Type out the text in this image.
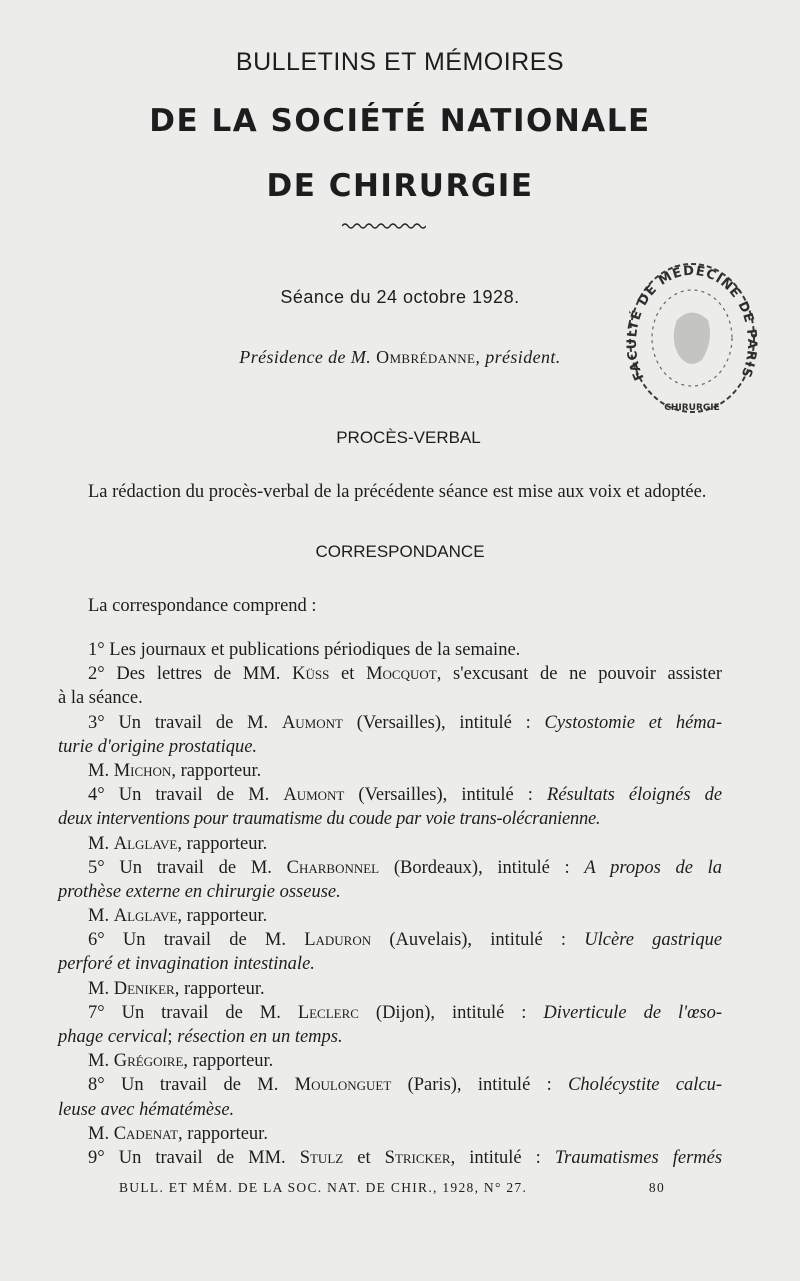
BULLETINS ET MÉMOIRES
DE LA SOCIÉTÉ NATIONALE
DE CHIRURGIE
Séance du 24 octobre 1928.
Présidence de M. Ombrédanne, président.
FACULTÉ DE MÉDECINE DE PARIS
CHIRURGIE
PROCÈS-VERBAL
La rédaction du procès-verbal de la précédente séance est mise aux voix et adoptée.
CORRESPONDANCE
La correspondance comprend :
1° Les journaux et publications périodiques de la semaine.
2° Des lettres de MM. Küss et Mocquot, s'excusant de ne pouvoir assister
à la séance.
3° Un travail de M. Aumont (Versailles), intitulé : Cystostomie et héma-
turie d'origine prostatique.
M. Michon, rapporteur.
4° Un travail de M. Aumont (Versailles), intitulé : Résultats éloignés de
deux interventions pour traumatisme du coude par voie trans-olécranienne.
M. Alglave, rapporteur.
5° Un travail de M. Charbonnel (Bordeaux), intitulé : A propos de la
prothèse externe en chirurgie osseuse.
M. Alglave, rapporteur.
6° Un travail de M. Laduron (Auvelais), intitulé : Ulcère gastrique
perforé et invagination intestinale.
M. Deniker, rapporteur.
7° Un travail de M. Leclerc (Dijon), intitulé : Diverticule de l'œso-
phage cervical; résection en un temps.
M. Grégoire, rapporteur.
8° Un travail de M. Moulonguet (Paris), intitulé : Cholécystite calcu-
leuse avec hématémèse.
M. Cadenat, rapporteur.
9° Un travail de MM. Stulz et Stricker, intitulé : Traumatismes fermés
BULL. ET MÉM. DE LA SOC. NAT. DE CHIR., 1928, N° 27.	80
